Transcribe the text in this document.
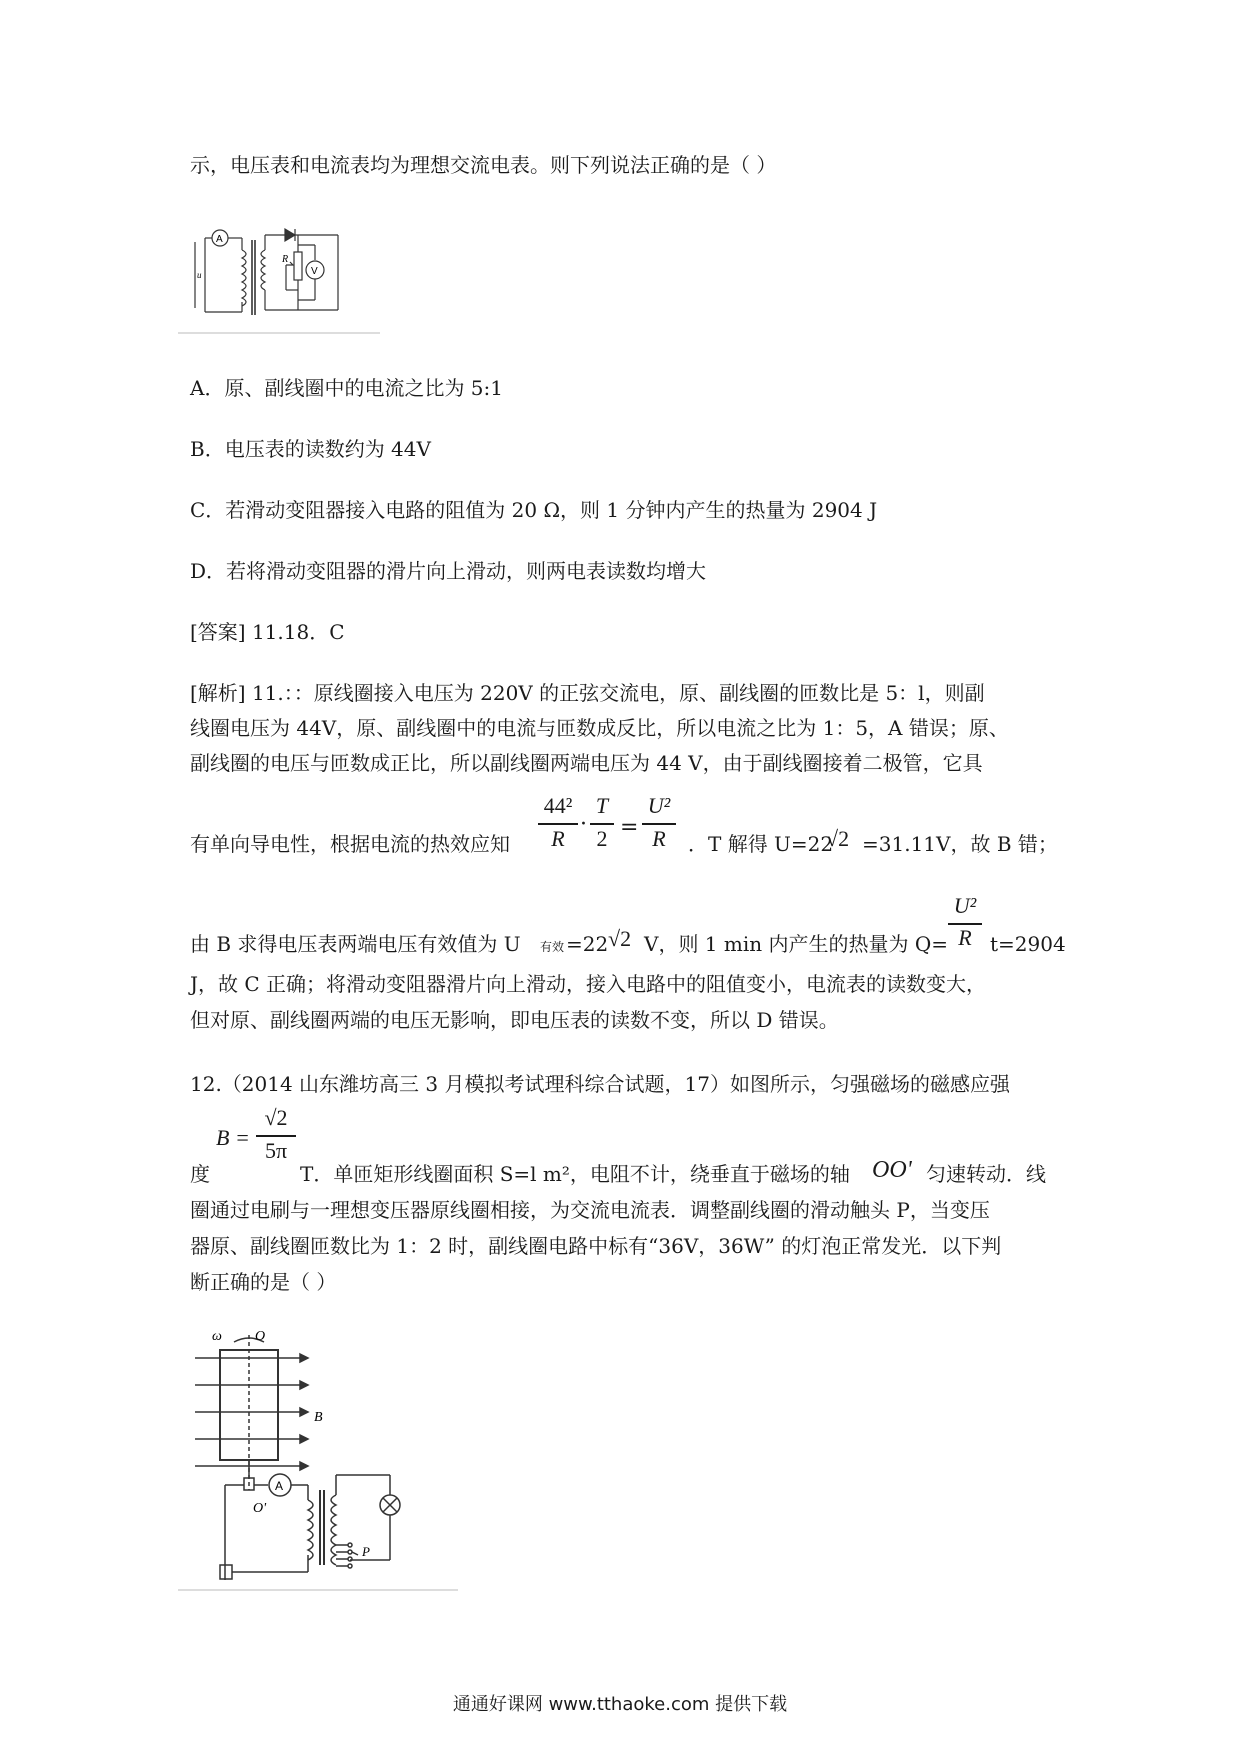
示，电压表和电流表均为理想交流电表。则下列说法正确的是（ ）
A
V
R
u
A．原、副线圈中的电流之比为 5:1
B．电压表的读数约为 44V
C．若滑动变阻器接入电路的阻值为 20 Ω，则 1 分钟内产生的热量为 2904 J
D．若将滑动变阻器的滑片向上滑动，则两电表读数均增大
[答案] 11.18．C
[解析] 11.：：原线圈接入电压为 220V 的正弦交流电，原、副线圈的匝数比是 5：l，则副
线圈电压为 44V，原、副线圈中的电流与匝数成反比，所以电流之比为 1：5，A 错误；原、
副线圈的电压与匝数成正比，所以副线圈两端电压为 44 V，由于副线圈接着二极管，它具
有单向导电性，根据电流的热效应知
44²
R
·
T
2 =
U²
R	．T 解得 U=22
√2 =31.11V，故 B 错；
由 B 求得电压表两端电压有效值为 U 有效 =22 √2 V，则 1 min 内产生的热量为 Q=
U²
R t=2904
J，故 C 正确；将滑动变阻器滑片向上滑动，接入电路中的阻值变小，电流表的读数变大，
但对原、副线圈两端的电压无影响，即电压表的读数不变，所以 D 错误。
12.（2014 山东潍坊高三 3 月模拟考试理科综合试题，17）如图所示，匀强磁场的磁感应强
B =
√2
5π
度	T．单匝矩形线圈面积 S=l m²，电阻不计，绕垂直于磁场的轴 OO' 匀速转动．线
圈通过电刷与一理想变压器原线圈相接，为交流电流表．调整副线圈的滑动触头 P，当变压
器原、副线圈匝数比为 1：2 时，副线圈电路中标有“36V，36W” 的灯泡正常发光．以下判
断正确的是（ ）
ω O
B
O'
A
P
通通好课网 www.tthaoke.com 提供下载
